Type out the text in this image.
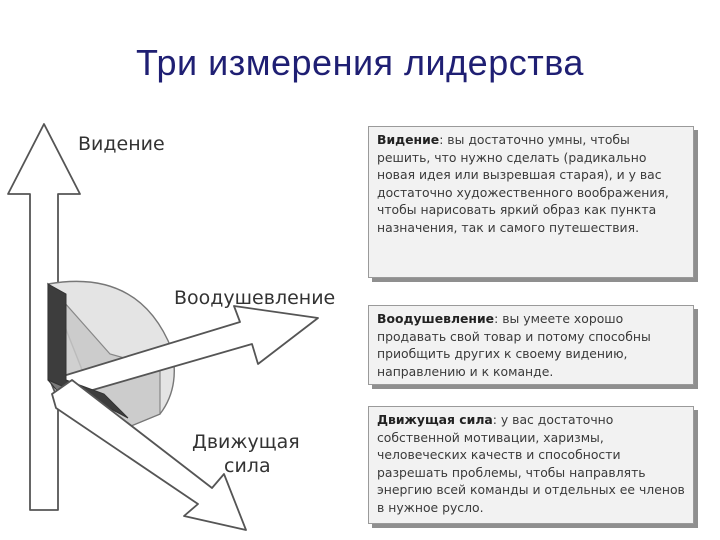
Три измерения лидерства
Видение
Воодушевление
Движущая
сила
Видение: вы достаточно умны, чтобы решить, что нужно сделать (радикально новая идея или вызревшая старая), и у вас достаточно художественного воображения, чтобы нарисовать яркий образ как пункта назначения, так и самого путешествия.
Воодушевление: вы умеете хорошо продавать свой товар и потому способны приобщить других к своему видению, направлению и к команде.
Движущая сила: у вас достаточно собственной мотивации, харизмы, человеческих качеств и способности разрешать проблемы, чтобы направлять энергию всей команды и отдельных ее членов в нужное русло.
